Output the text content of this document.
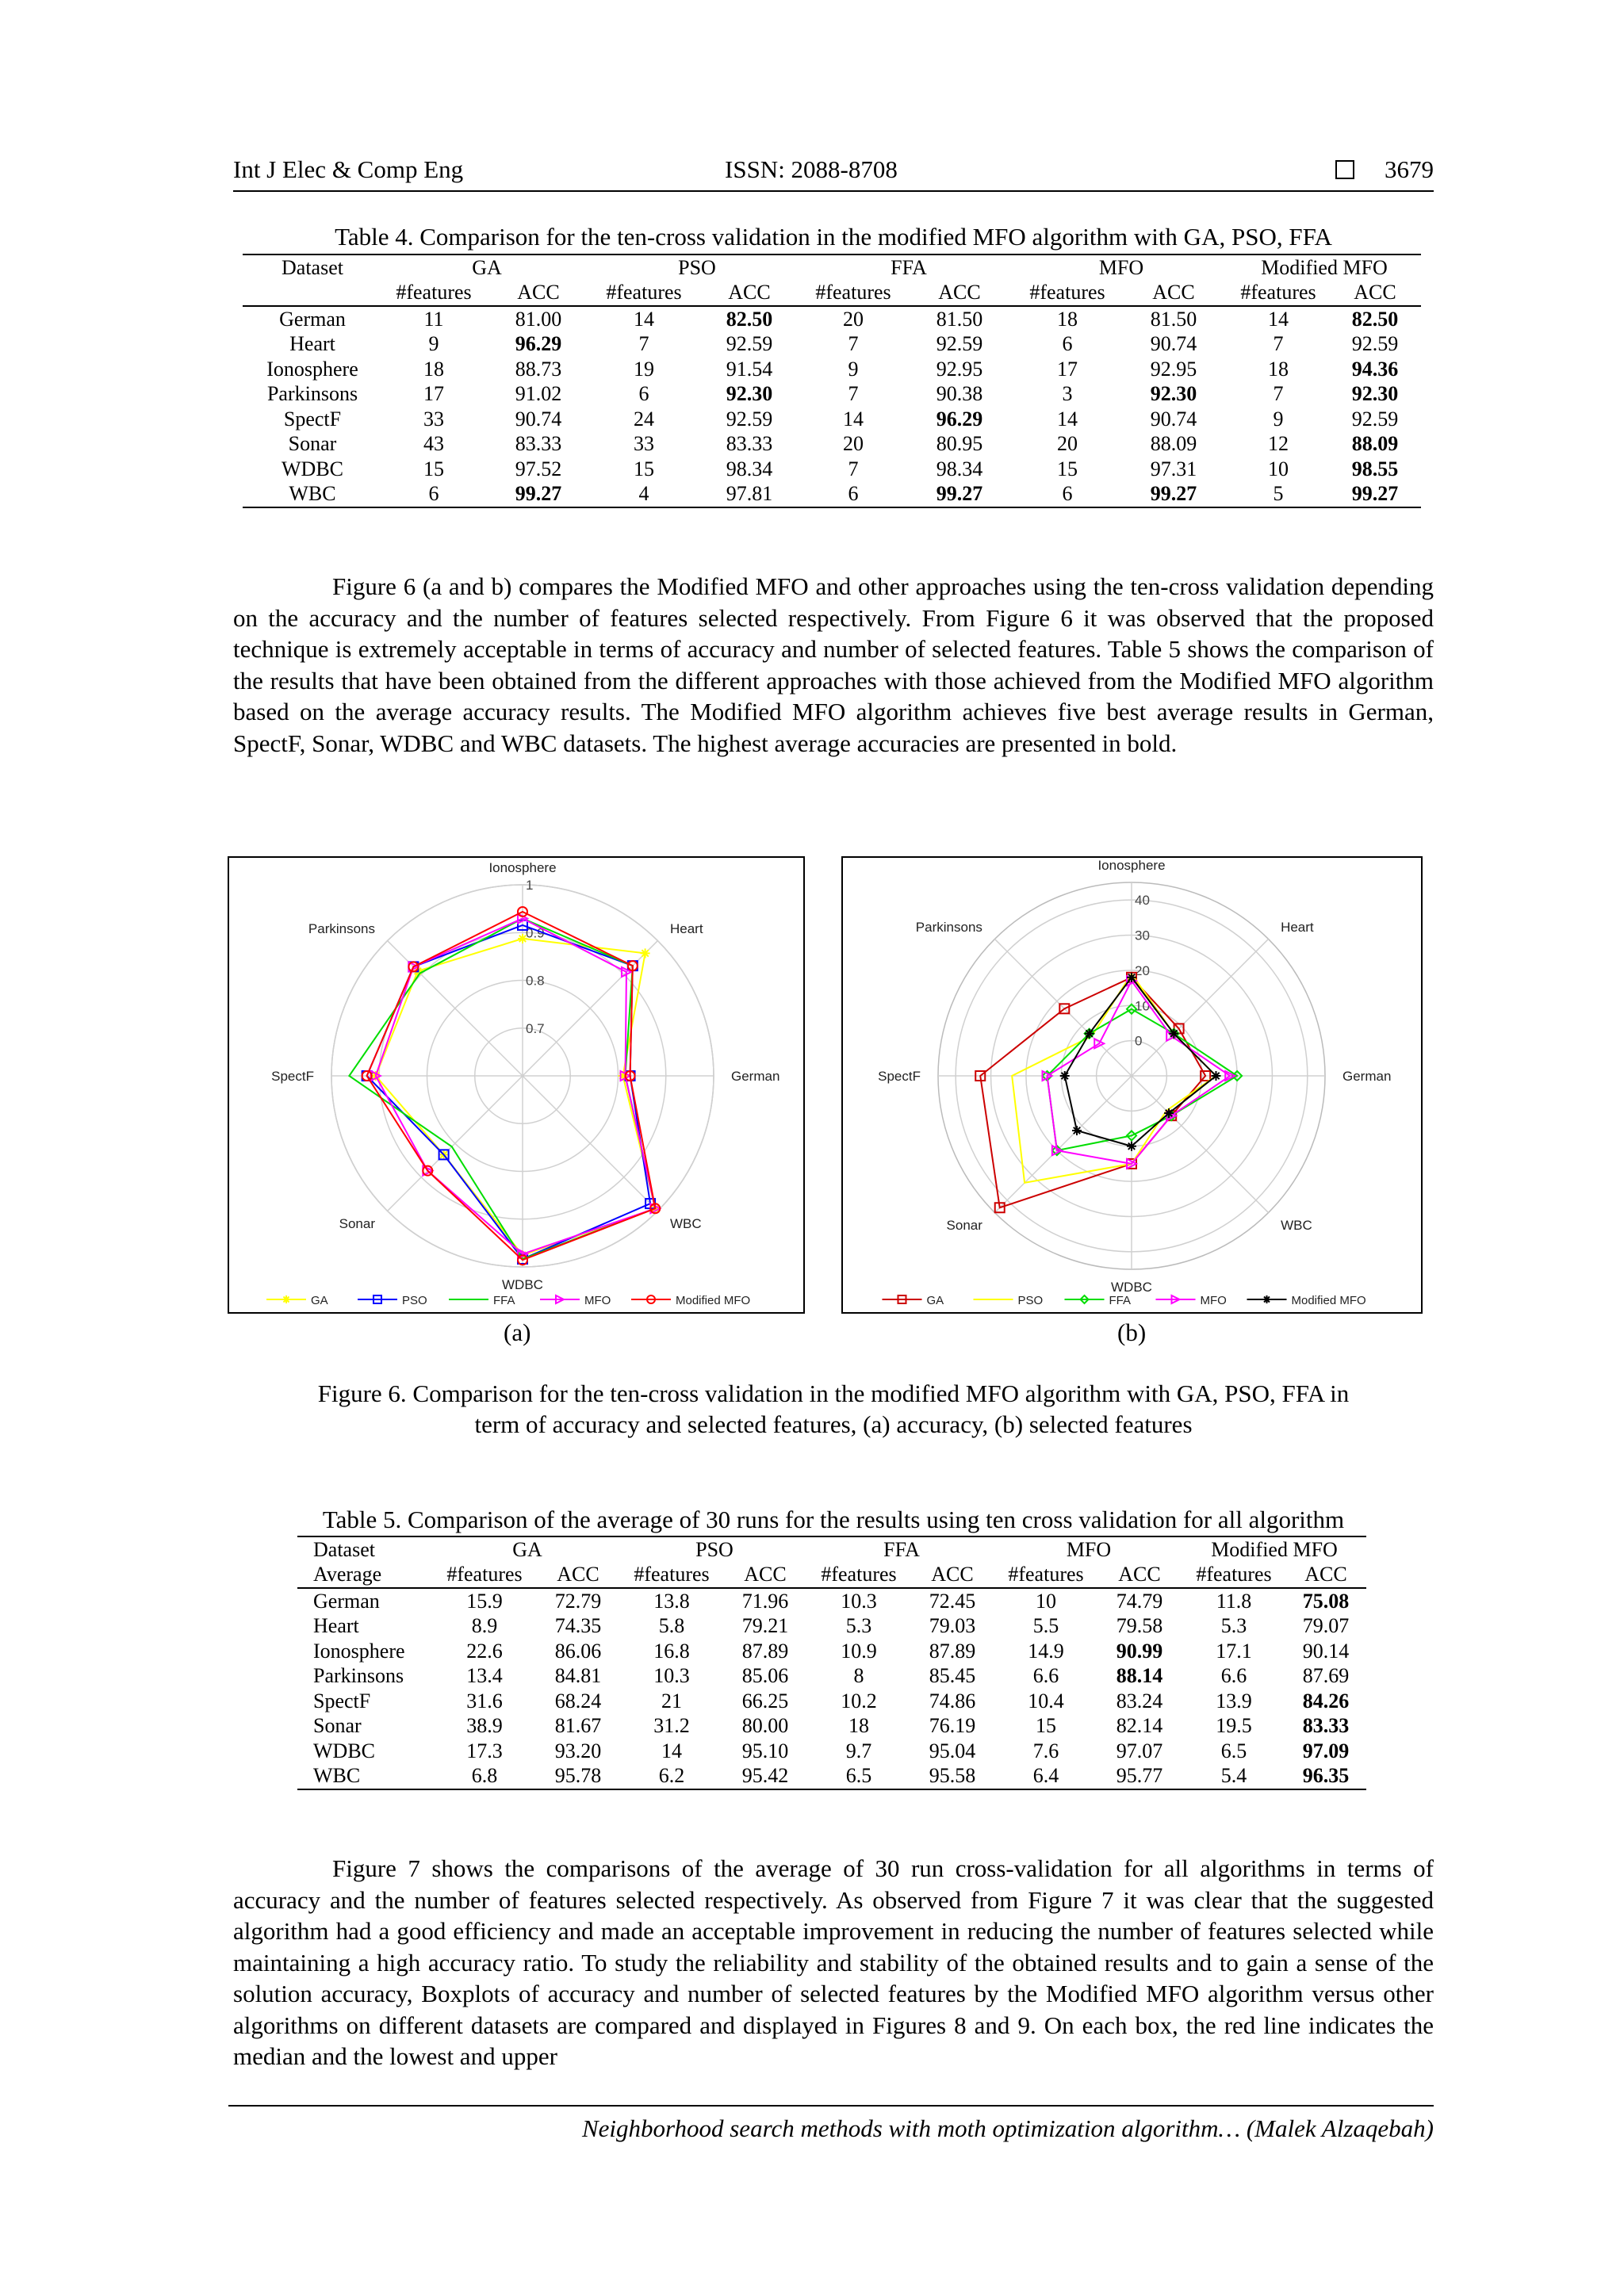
Int J Elec & Comp Eng	ISSN: 2088-8708	3679
Table 4. Comparison for the ten-cross validation in the modified MFO algorithm with GA, PSO, FFA
Dataset	GA		PSO		FFA		MFO		Modified MFO	
	#features	ACC	#features	ACC	#features	ACC	#features	ACC	#features	ACC
German	11	81.00	14	82.50	20	81.50	18	81.50	14	82.50
Heart	9	96.29	7	92.59	7	92.59	6	90.74	7	92.59
Ionosphere	18	88.73	19	91.54	9	92.95	17	92.95	18	94.36
Parkinsons	17	91.02	6	92.30	7	90.38	3	92.30	7	92.30
SpectF	33	90.74	24	92.59	14	96.29	14	90.74	9	92.59
Sonar	43	83.33	33	83.33	20	80.95	20	88.09	12	88.09
WDBC	15	97.52	15	98.34	7	98.34	15	97.31	10	98.55
WBC	6	99.27	4	97.81	6	99.27	6	99.27	5	99.27
Figure 6 (a and b) compares the Modified MFO and other approaches using the ten-cross validation depending on the accuracy and the number of features selected respectively. From Figure 6 it was observed that the proposed technique is extremely acceptable in terms of accuracy and number of selected features. Table 5 shows the comparison of the results that have been obtained from the different approaches with those achieved from the Modified MFO algorithm based on the average accuracy results. The Modified MFO algorithm achieves five best average results in German, SpectF, Sonar, WDBC and WBC datasets. The highest average accuracies are presented in bold.
0.7
0.8
0.9
1
Ionosphere
Heart
German
WBC
WDBC
Sonar
SpectF
Parkinsons
GA	PSO	FFA	MFO	Modified MFO
0
10
20
30
40
Ionosphere
Heart
German
WBC
WDBC
Sonar
SpectF
Parkinsons
GA	PSO	FFA	MFO	Modified MFO
(a)	(b)
Figure 6. Comparison for the ten-cross validation in the modified MFO algorithm with GA, PSO, FFA in
term of accuracy and selected features, (a) accuracy, (b) selected features
Table 5. Comparison of the average of 30 runs for the results using ten cross validation for all algorithm
Dataset	GA		PSO		FFA		MFO		Modified MFO	
Average	#features	ACC	#features	ACC	#features	ACC	#features	ACC	#features	ACC
German	15.9	72.79	13.8	71.96	10.3	72.45	10	74.79	11.8	75.08
Heart	8.9	74.35	5.8	79.21	5.3	79.03	5.5	79.58	5.3	79.07
Ionosphere	22.6	86.06	16.8	87.89	10.9	87.89	14.9	90.99	17.1	90.14
Parkinsons	13.4	84.81	10.3	85.06	8	85.45	6.6	88.14	6.6	87.69
SpectF	31.6	68.24	21	66.25	10.2	74.86	10.4	83.24	13.9	84.26
Sonar	38.9	81.67	31.2	80.00	18	76.19	15	82.14	19.5	83.33
WDBC	17.3	93.20	14	95.10	9.7	95.04	7.6	97.07	6.5	97.09
WBC	6.8	95.78	6.2	95.42	6.5	95.58	6.4	95.77	5.4	96.35
Figure 7 shows the comparisons of the average of 30 run cross-validation for all algorithms in terms of accuracy and the number of features selected respectively. As observed from Figure 7 it was clear that the suggested algorithm had a good efficiency and made an acceptable improvement in reducing the number of features selected while maintaining a high accuracy ratio. To study the reliability and stability of the obtained results and to gain a sense of the solution accuracy, Boxplots of accuracy and number of selected features by the Modified MFO algorithm versus other algorithms on different datasets are compared and displayed in Figures 8 and 9. On each box, the red line indicates the median and the lowest and upper
Neighborhood search methods with moth optimization algorithm… (Malek Alzaqebah)
